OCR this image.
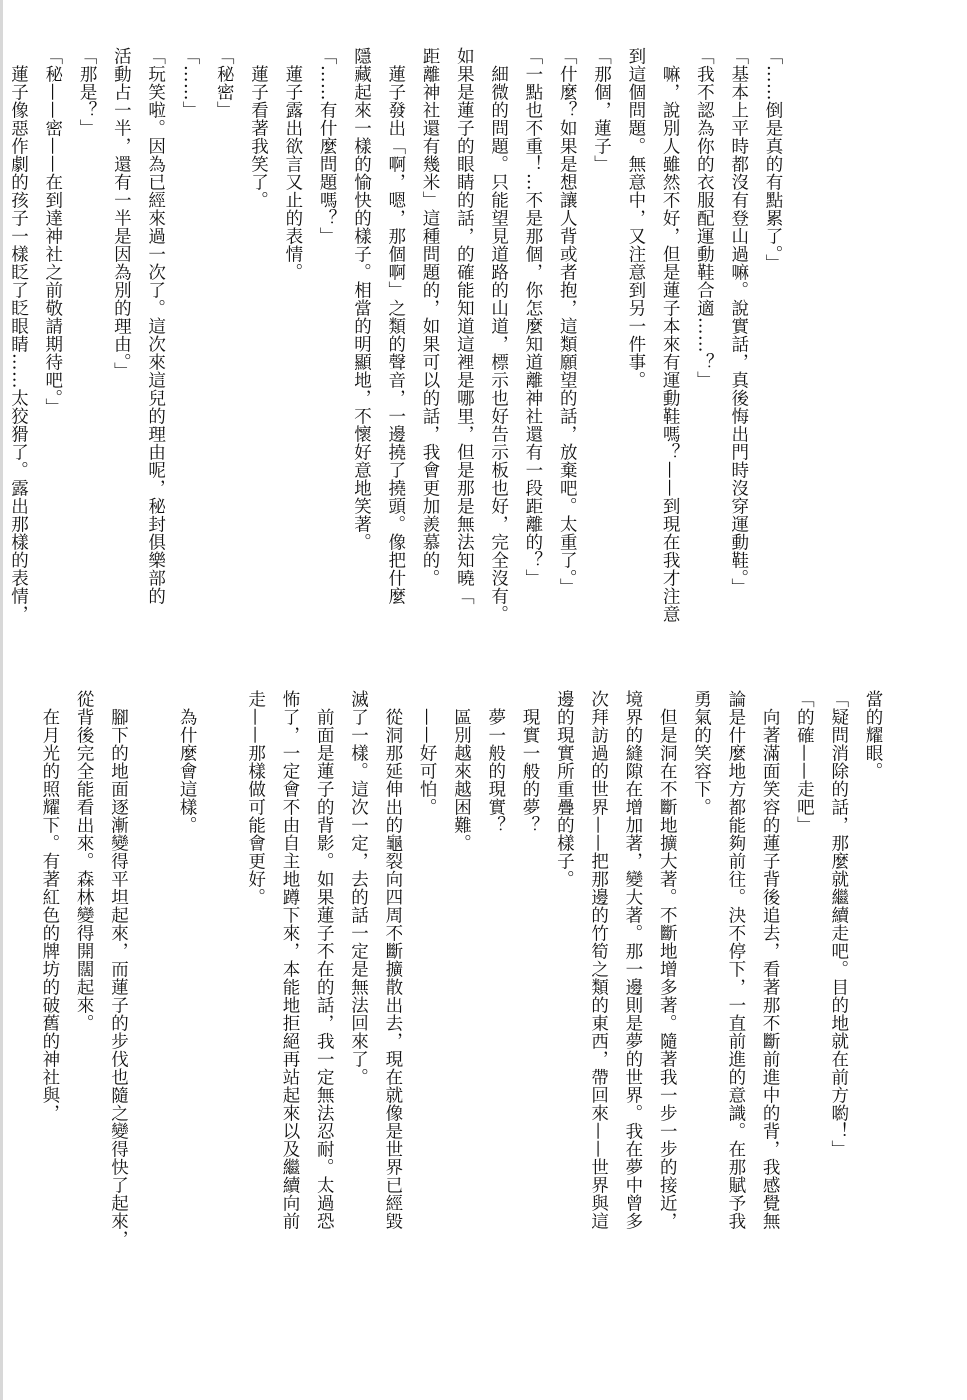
「……倒是真的有點累了。」
「基本上平時都沒有登山過嘛。說實話，真後悔出門時沒穿運動鞋。」
「我不認為你的衣服配運動鞋合適……？」
　嘛，說別人雖然不好，但是蓮子本來有運動鞋嗎？——到現在我才注意
到這個問題。無意中，又注意到另一件事。
「那個，蓮子」
「什麼？如果是想讓人背或者抱，這類願望的話，放棄吧。太重了。」
「一點也不重！…不是那個，你怎麼知道離神社還有一段距離的？」
　細微的問題。只能望見道路的山道，標示也好告示板也好，完全沒有。
如果是蓮子的眼睛的話，的確能知道這裡是哪里，但是那是無法知曉「
距離神社還有幾米」這種問題的，如果可以的話，我會更加羨慕的。
　蓮子發出「啊，嗯，那個啊」之類的聲音，一邊撓了撓頭。像把什麼
隱藏起來一樣的愉快的樣子。相當的明顯地，不懷好意地笑著。
「……有什麼問題嗎？」
　蓮子露出欲言又止的表情。
　蓮子看著我笑了。
「秘密」
「……」
「玩笑啦。因為已經來過一次了。這次來這兒的理由呢，秘封俱樂部的
活動占一半，還有一半是因為別的理由。」
「那是？」
「秘——密——在到達神社之前敬請期待吧。」
　蓮子像惡作劇的孩子一樣眨了眨眼睛……太狡猾了。露出那樣的表情，
當的耀眼。
「疑問消除的話，那麼就繼續走吧。目的地就在前方喲！」
「的確——走吧」
　向著滿面笑容的蓮子背後追去，看著那不斷前進中的背，我感覺無
論是什麼地方都能夠前往。決不停下，一直前進的意識。在那賦予我
勇氣的笑容下。
　但是洞在不斷地擴大著。不斷地增多著。隨著我一步一步的接近，
境界的縫隙在增加著，變大著。那一邊則是夢的世界。我在夢中曾多
次拜訪過的世界——把那邊的竹筍之類的東西，帶回來——世界與這
邊的現實所重疊的樣子。
　現實一般的夢？
　夢一般的現實？
　區別越來越困難。
　——好可怕。
　從洞那延伸出的龜裂向四周不斷擴散出去，現在就像是世界已經毀
滅了一樣。這次一定，去的話一定是無法回來了。
　前面是蓮子的背影。如果蓮子不在的話，我一定無法忍耐。太過恐
怖了，一定會不由自主地蹲下來，本能地拒絕再站起來以及繼續向前
走——那樣做可能會更好。

　為什麼會這樣。

　腳下的地面逐漸變得平坦起來，而蓮子的步伐也隨之變得快了起來，
從背後完全能看出來。森林變得開闊起來。
　在月光的照耀下。有著紅色的牌坊的破舊的神社與，
